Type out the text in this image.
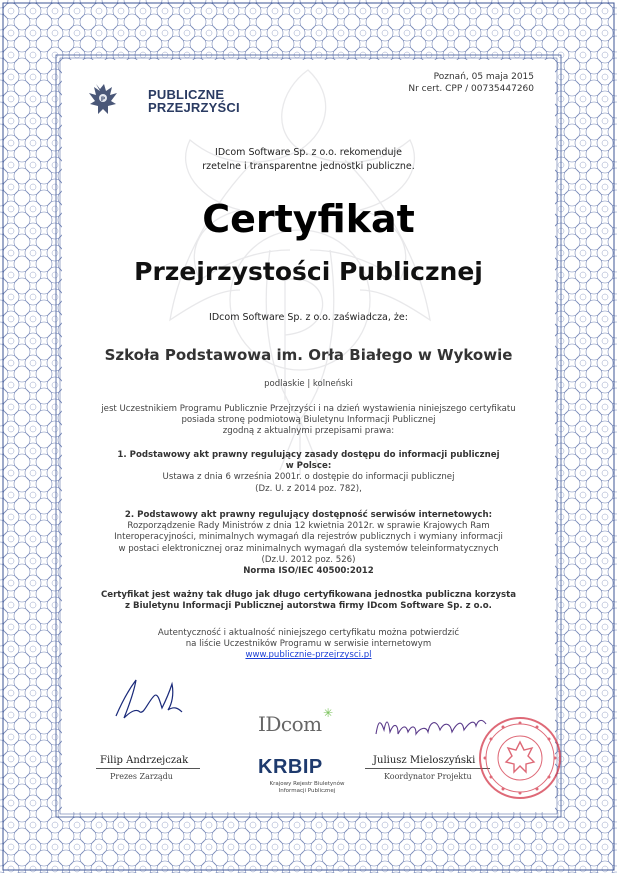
P	PUBLICZNE
PRZEJRZYŚCI
Poznań, 05 maja 2015
Nr cert. CPP / 00735447260
IDcom Software Sp. z o.o. rekomenduje
rzetelne i transparentne jednostki publiczne.
Certyfikat
Przejrzystości Publicznej
IDcom Software Sp. z o.o. zaświadcza, że:
Szkoła Podstawowa im. Orła Białego w Wykowie
podlaskie | kolneński
jest Uczestnikiem Programu Publicznie Przejrzyści i na dzień wystawienia niniejszego certyfikatu
posiada stronę podmiotową Biuletynu Informacji Publicznej
zgodną z aktualnymi przepisami prawa:
1. Podstawowy akt prawny regulujący zasady dostępu do informacji publicznej
w Polsce:
Ustawa z dnia 6 września 2001r. o dostępie do informacji publicznej
(Dz. U. z 2014 poz. 782),
2. Podstawowy akt prawny regulujący dostępność serwisów internetowych:
Rozporządzenie Rady Ministrów z dnia 12 kwietnia 2012r. w sprawie Krajowych Ram
Interoperacyjności, minimalnych wymagań dla rejestrów publicznych i wymiany informacji
w postaci elektronicznej oraz minimalnych wymagań dla systemów teleinformatycznych
(Dz.U. 2012 poz. 526)
Norma ISO/IEC 40500:2012
Certyfikat jest ważny tak długo jak długo certyfikowana jednostka publiczna korzysta
z Biuletynu Informacji Publicznej autorstwa firmy IDcom Software Sp. z o.o.
Autentyczność i aktualność niniejszego certyfikatu można potwierdzić
na liście Uczestników Programu w serwisie internetowym
www.publicznie-przejrzysci.pl
Filip Andrzejczak
Prezes Zarządu
IDcom ✳
KRBIP
Krajowy Rejestr Biuletynów
Informacji Publicznej
Juliusz Mieloszyński
Koordynator Projektu
